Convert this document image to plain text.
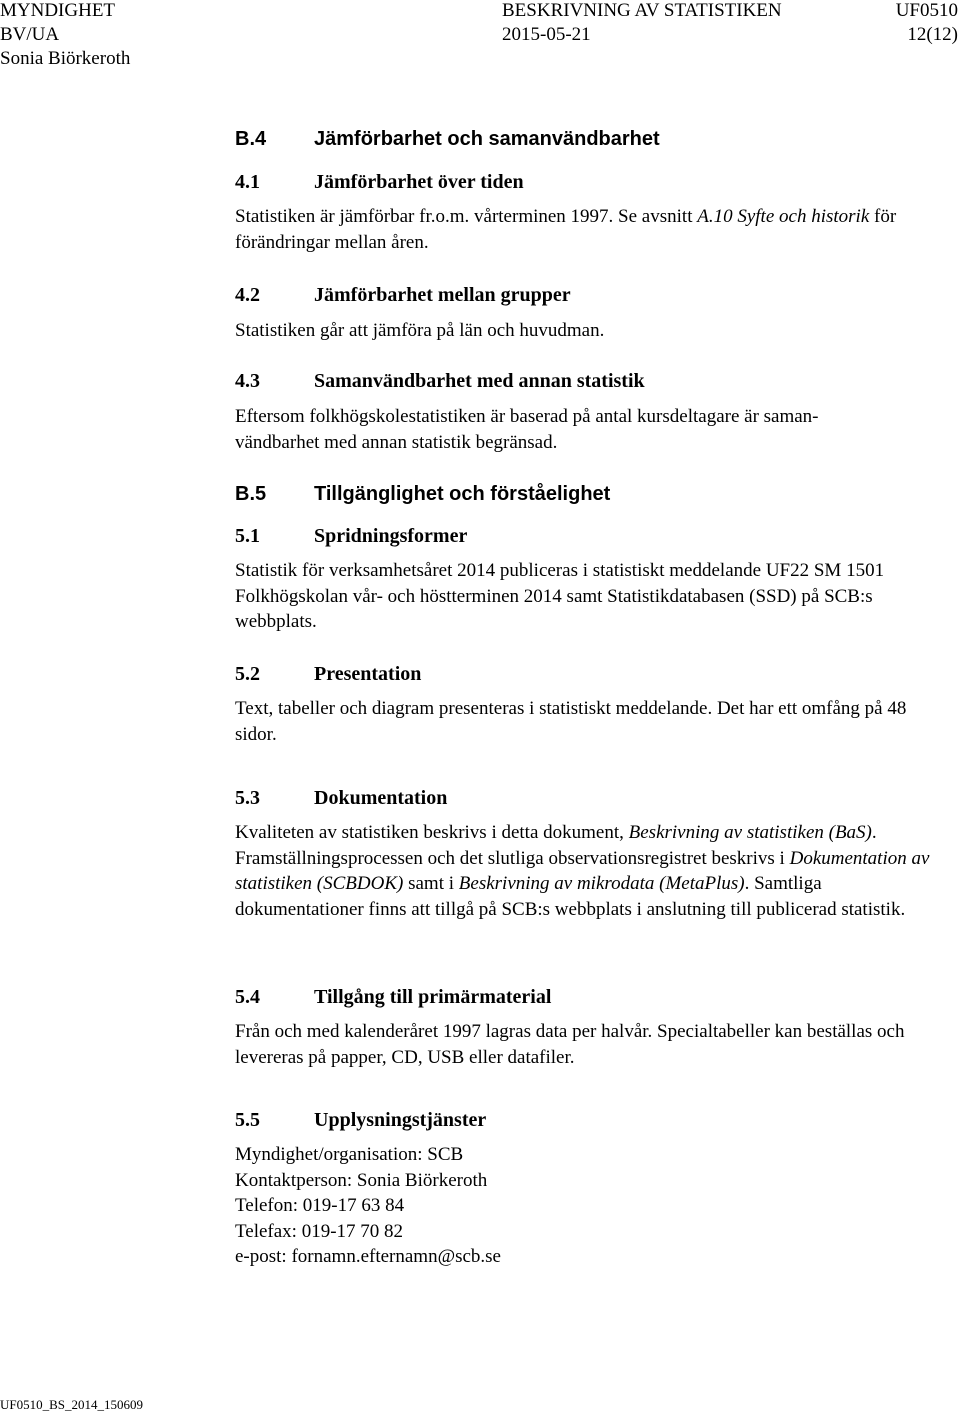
MYNDIGHET	BESKRIVNING AV STATISTIKEN	UF0510
BV/UA	2015-05-21	12(12)
Sonia Biörkeroth
B.4 Jämförbarhet och samanvändbarhet
4.1	Jämförbarhet över tiden

Statistiken är jämförbar fr.o.m. vårterminen 1997. Se avsnitt A.10 Syfte och historik för förändringar mellan åren.

4.2	Jämförbarhet mellan grupper

Statistiken går att jämföra på län och huvudman.

4.3	Samanvändbarhet med annan statistik

Eftersom folkhögskolestatistiken är baserad på antal kursdeltagare är saman-

vändbarhet med annan statistik begränsad.

B.5 Tillgänglighet och förståelighet
5.1	Spridningsformer

Statistik för verksamhetsåret 2014 publiceras i statistiskt meddelande UF22 SM 1501 Folkhögskolan vår- och höstterminen 2014 samt Statistikdatabasen (SSD) på SCB:s webbplats.

5.2	Presentation

Text, tabeller och diagram presenteras i statistiskt meddelande. Det har ett omfång på 48 sidor.

5.3	Dokumentation

Kvaliteten av statistiken beskrivs i detta dokument, Beskrivning av statistiken (BaS). Framställningsprocessen och det slutliga observationsregistret beskrivs i Dokumentation av statistiken (SCBDOK) samt i Beskrivning av mikrodata (MetaPlus). Samtliga dokumentationer finns att tillgå på SCB:s webbplats i anslutning till publicerad statistik.

5.4	Tillgång till primärmaterial

Från och med kalenderåret 1997 lagras data per halvår. Specialtabeller kan beställas och levereras på papper, CD, USB eller datafiler.

5.5	Upplysningstjänster

Myndighet/organisation: SCB

Kontaktperson: Sonia Biörkeroth

Telefon: 019-17 63 84

Telefax: 019-17 70 82

e-post: fornamn.efternamn@scb.se

UF0510_BS_2014_150609
